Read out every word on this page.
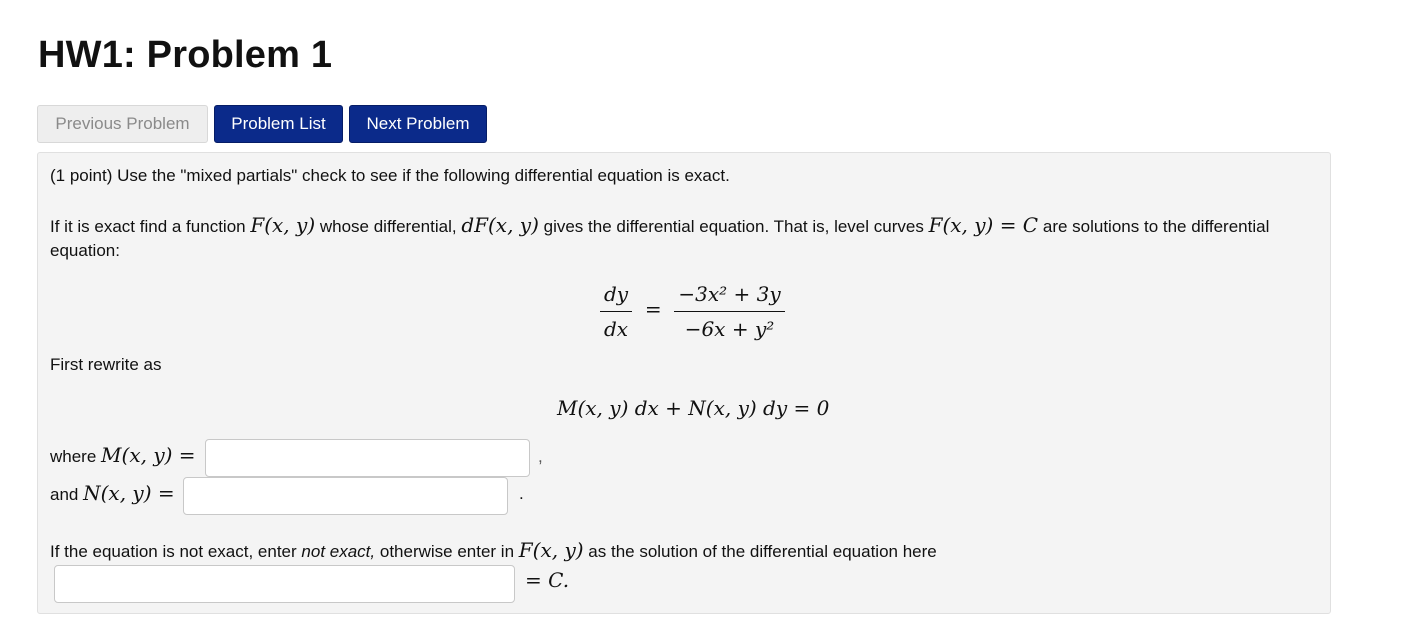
HW1: Problem 1
Previous Problem	Problem List	Next Problem
(1 point) Use the "mixed partials" check to see if the following differential equation is exact.
If it is exact find a function F(x, y) whose differential, dF(x, y) gives the differential equation. That is, level curves F(x, y) = C are solutions to the differential
equation:
$\frac{dy}{dx} = \frac{\text{−3x² + 3y}}{\text{−6x + y²}}$
First rewrite as
M(x, y) dx + N(x, y) dy = 0
where M(x, y) =	,
and N(x, y) =	.
If the equation is not exact, enter not exact, otherwise enter in F(x, y) as the solution of the differential equation here
= C.
